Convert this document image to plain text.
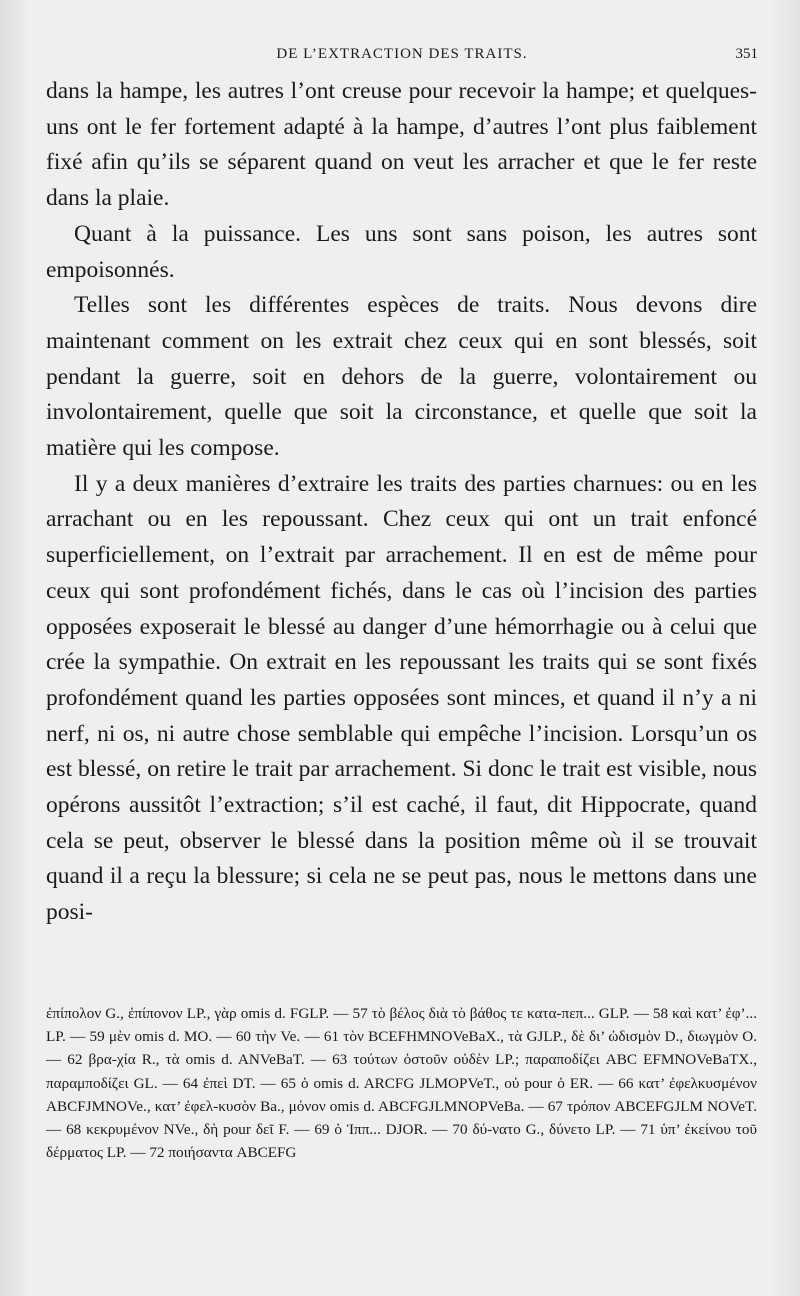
DE L’EXTRACTION DES TRAITS.	351

dans la hampe, les autres l’ont creuse pour recevoir la hampe; et quelques-uns ont le fer fortement adapté à la hampe, d’autres l’ont plus faiblement fixé afin qu’ils se séparent quand on veut les arracher et que le fer reste dans la plaie.

Quant à la puissance. Les uns sont sans poison, les autres sont empoisonnés.

Telles sont les différentes espèces de traits. Nous devons dire maintenant comment on les extrait chez ceux qui en sont blessés, soit pendant la guerre, soit en dehors de la guerre, volontairement ou involontairement, quelle que soit la circonstance, et quelle que soit la matière qui les compose.

Il y a deux manières d’extraire les traits des parties charnues: ou en les arrachant ou en les repoussant. Chez ceux qui ont un trait enfoncé superficiellement, on l’extrait par arrachement. Il en est de même pour ceux qui sont profondément fichés, dans le cas où l’incision des parties opposées exposerait le blessé au danger d’une hémorrhagie ou à celui que crée la sympathie. On extrait en les repoussant les traits qui se sont fixés profondément quand les parties opposées sont minces, et quand il n’y a ni nerf, ni os, ni autre chose semblable qui empêche l’incision. Lorsqu’un os est blessé, on retire le trait par arrachement. Si donc le trait est visible, nous opérons aussitôt l’extraction; s’il est caché, il faut, dit Hippocrate, quand cela se peut, observer le blessé dans la position même où il se trouvait quand il a reçu la blessure; si cela ne se peut pas, nous le mettons dans une posi-

ἐπίπολον G., ἐπίπονον LP., γὰρ omis d. FGLP. — 57 τὸ βέλος διὰ τὸ βάθος τε κατα-πεπ... GLP. — 58 καὶ κατ’ ἐφ’... LP. — 59 μὲν omis d. MO. — 60 τὴν Ve. — 61 τὸν BCEFHMNOVeBaX., τὰ GJLP., δὲ δι’ ὠδισμὸν D., διωγμὸν O. — 62 βρα-χία R., τὰ omis d. ANVeBaT. — 63 τούτων ὀστοῦν οὐδὲν LP.; παραποδίζει ABC EFMNOVeBaTX., παραμποδίζει GL. — 64 ἐπεὶ DT. — 65 ὁ omis d. ARCFG JLMOPVeT., οὐ pour ὁ ER. — 66 κατ’ ἐφελκυσμένον ABCFJMNOVe., κατ’ ἐφελ-κυσὸν Ba., μόνον omis d. ABCFGJLMNOPVeBa. — 67 τρόπον ABCEFGJLM NOVeT. — 68 κεκρυμένον NVe., δὴ pour δεῖ F. — 69 ὁ Ἱππ... DJOR. — 70 δύ-νατο G., δύνετο LP. — 71 ὑπ’ ἐκείνου τοῦ δέρματος LP. — 72 ποιήσαντα ABCEFG
